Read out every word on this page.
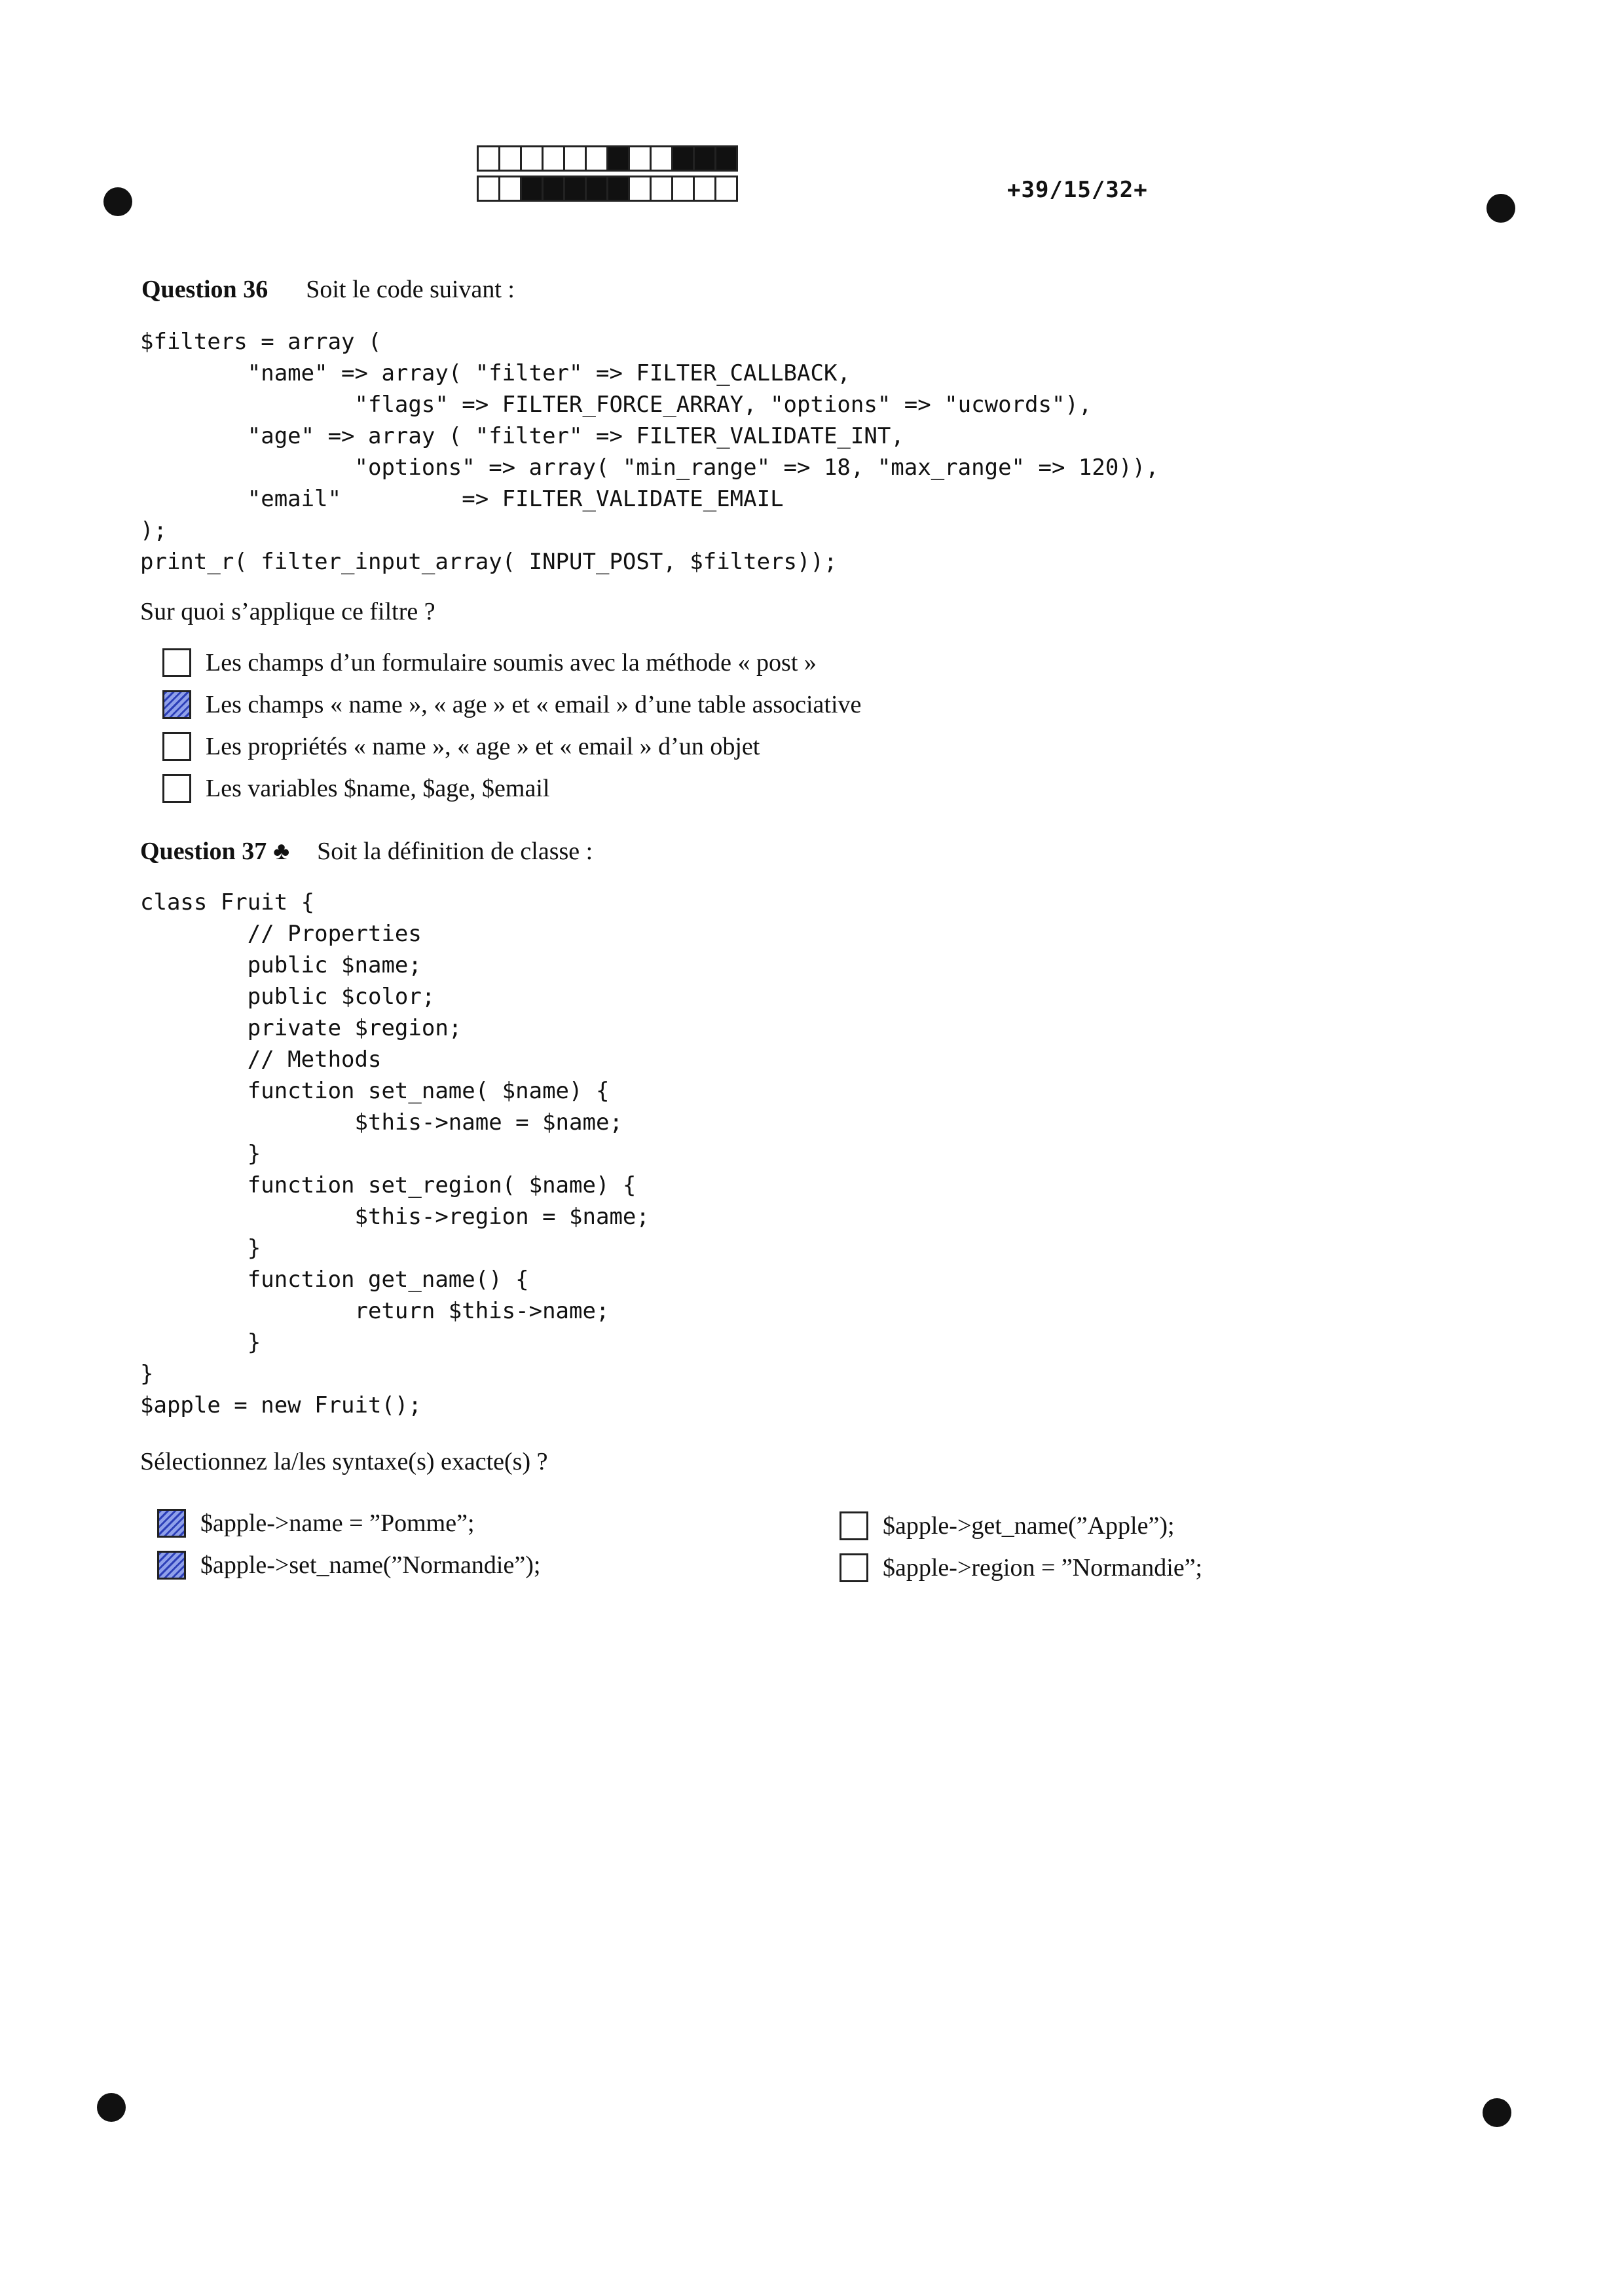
+39/15/32+
Question 36 Soit le code suivant :
$filters = array (
"name" => array( "filter" => FILTER_CALLBACK,
"flags" => FILTER_FORCE_ARRAY, "options" => "ucwords"),
"age" => array ( "filter" => FILTER_VALIDATE_INT,
"options" => array( "min_range" => 18, "max_range" => 120)),
"email"         => FILTER_VALIDATE_EMAIL
);
print_r( filter_input_array( INPUT_POST, $filters));
Sur quoi s’applique ce filtre ?
Les champs d’un formulaire soumis avec la méthode « post »
Les champs « name », « age » et « email » d’une table associative
Les propriétés « name », « age » et « email » d’un objet
Les variables $name, $age, $email
Question 37 ♣ Soit la définition de classe :
class Fruit {
// Properties
public $name;
public $color;
private $region;
// Methods
function set_name( $name) {
$this->name = $name;
}
function set_region( $name) {
$this->region = $name;
}
function get_name() {
return $this->name;
}
}
$apple = new Fruit();
Sélectionnez la/les syntaxe(s) exacte(s) ?
$apple->name = ”Pomme”;
$apple->set_name(”Normandie”);
$apple->get_name(”Apple”);
$apple->region = ”Normandie”;
